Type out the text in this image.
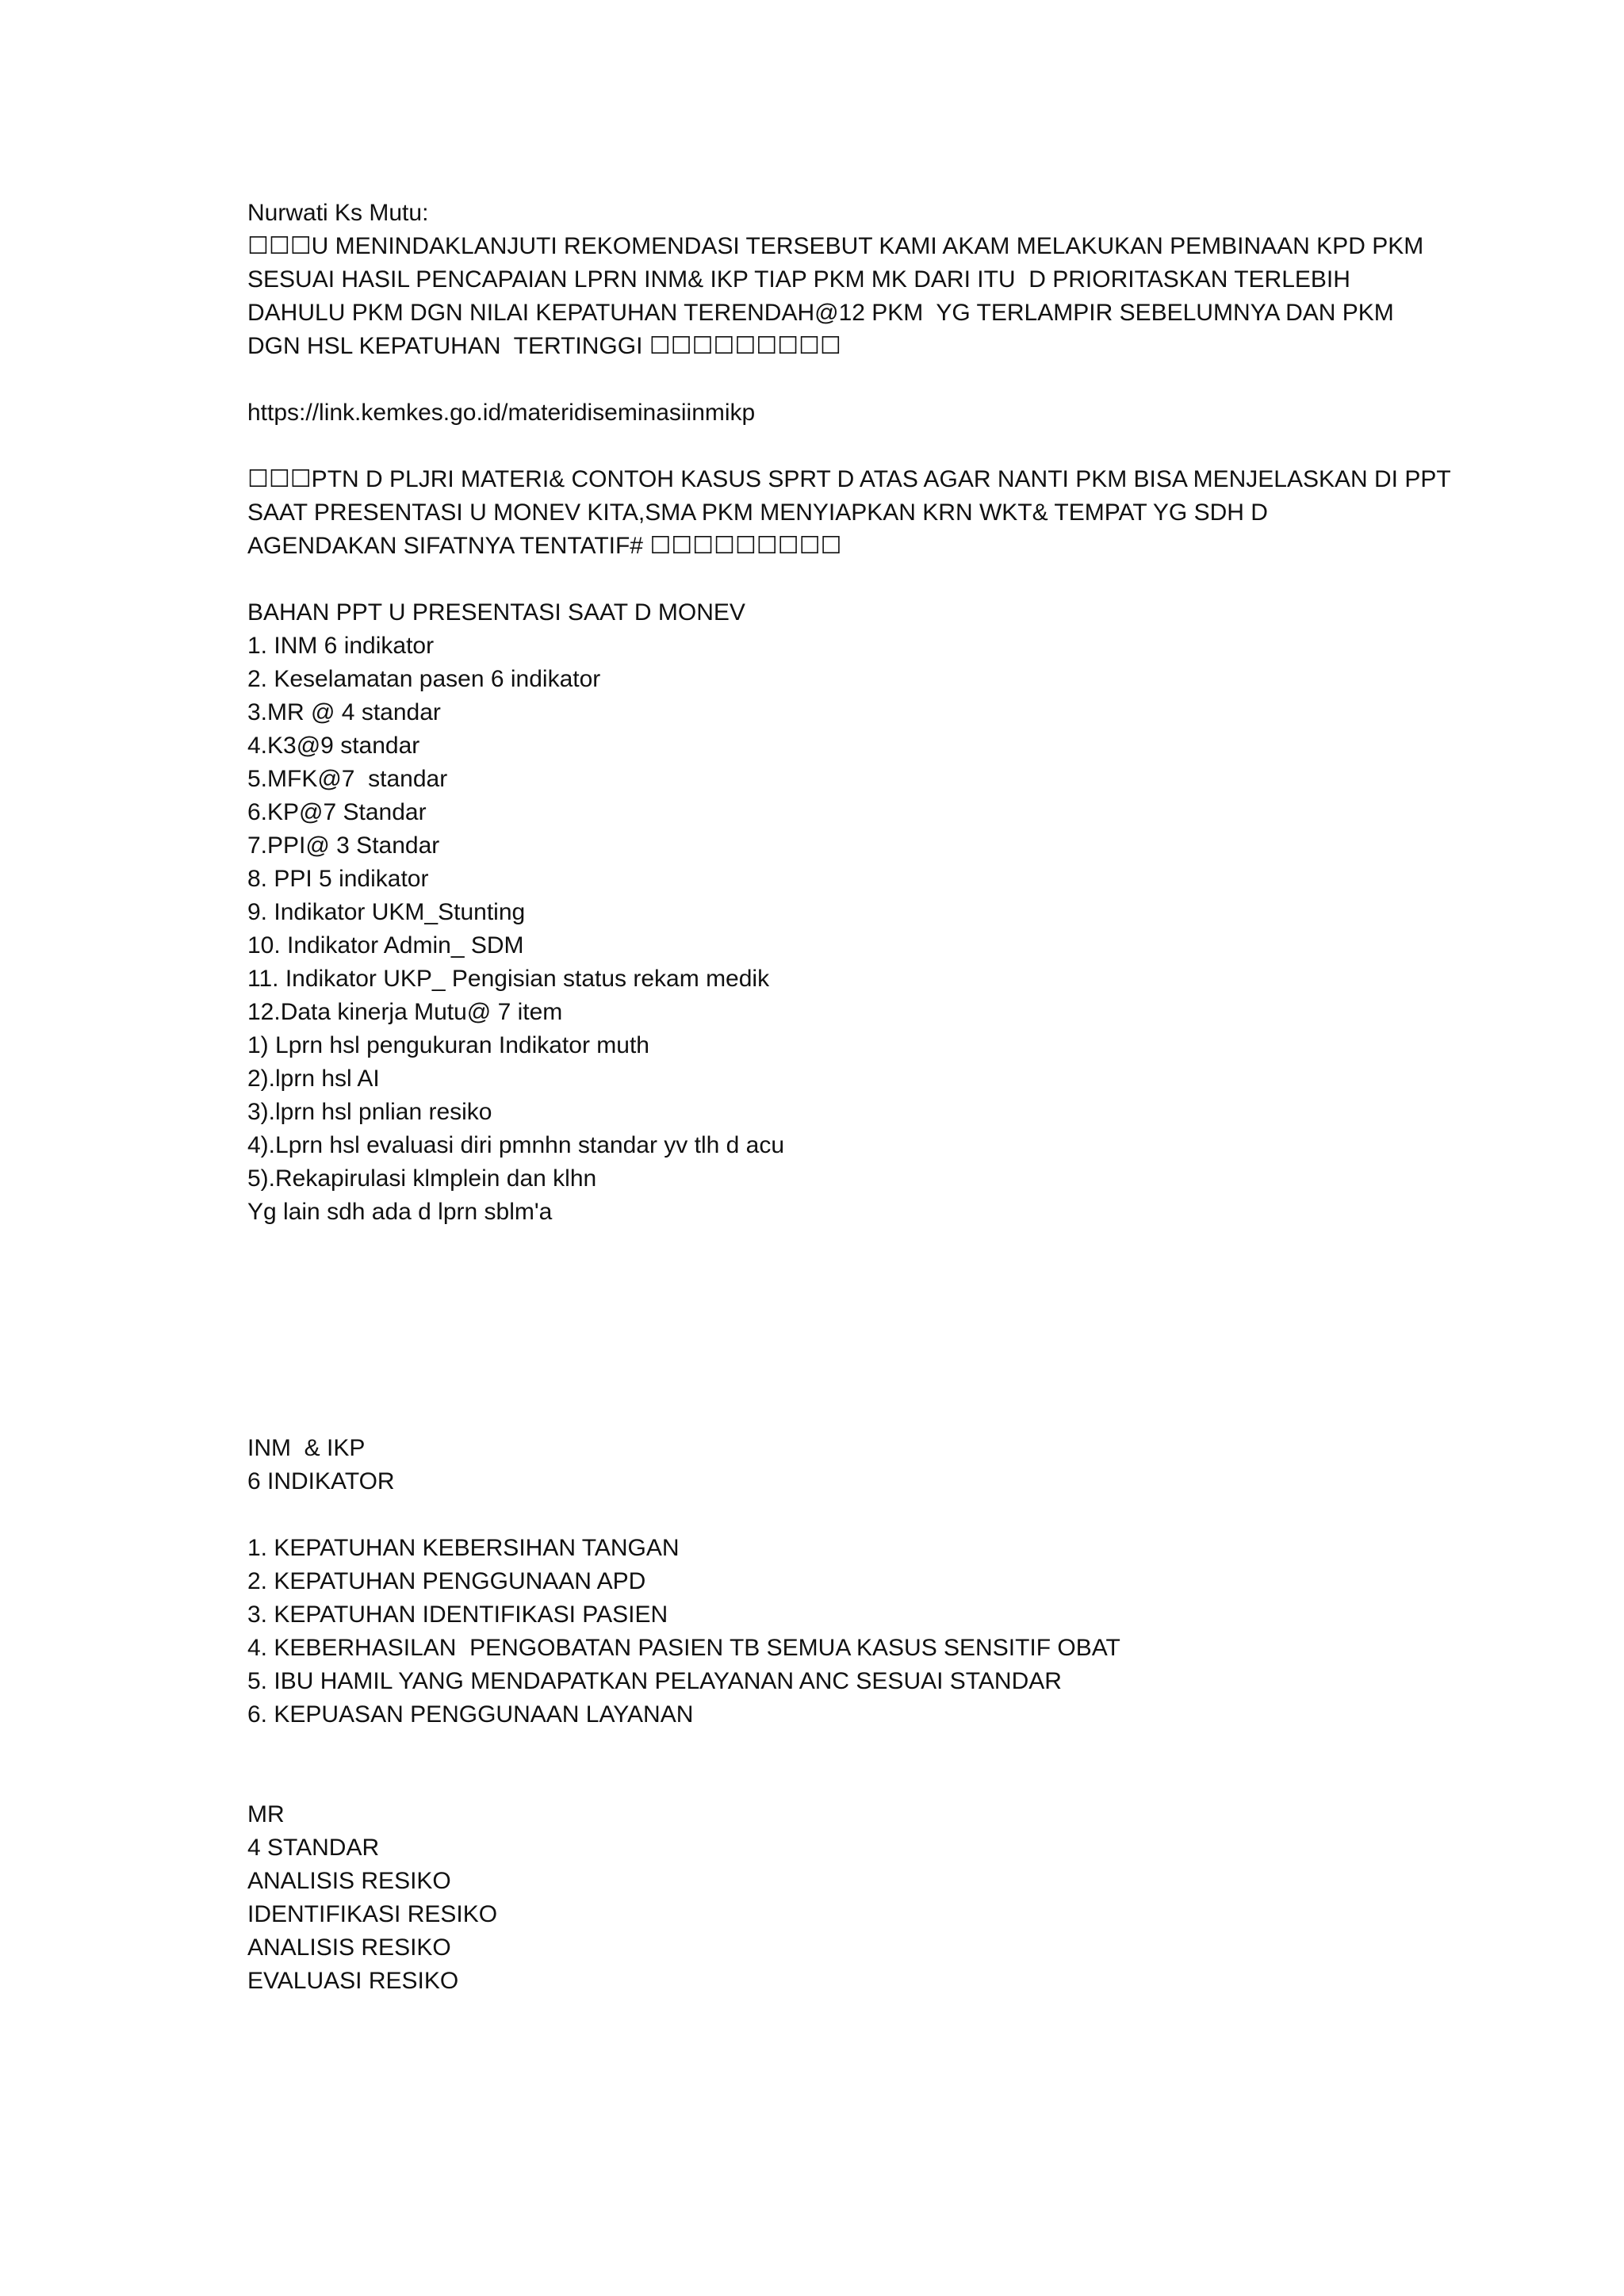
Nurwati Ks Mutu:
☐☐☐U MENINDAKLANJUTI REKOMENDASI TERSEBUT KAMI AKAM MELAKUKAN PEMBINAAN KPD PKM
SESUAI HASIL PENCAPAIAN LPRN INM& IKP TIAP PKM MK DARI ITU  D PRIORITASKAN TERLEBIH
DAHULU PKM DGN NILAI KEPATUHAN TERENDAH@12 PKM  YG TERLAMPIR SEBELUMNYA DAN PKM
DGN HSL KEPATUHAN  TERTINGGI ☐☐☐☐☐☐☐☐☐
https://link.kemkes.go.id/materidiseminasiinmikp
☐☐☐PTN D PLJRI MATERI& CONTOH KASUS SPRT D ATAS AGAR NANTI PKM BISA MENJELASKAN DI PPT
SAAT PRESENTASI U MONEV KITA,SMA PKM MENYIAPKAN KRN WKT& TEMPAT YG SDH D
AGENDAKAN SIFATNYA TENTATIF# ☐☐☐☐☐☐☐☐☐
BAHAN PPT U PRESENTASI SAAT D MONEV
1. INM 6 indikator
2. Keselamatan pasen 6 indikator
3.MR @ 4 standar
4.K3@9 standar
5.MFK@7  standar
6.KP@7 Standar
7.PPI@ 3 Standar
8. PPI 5 indikator
9. Indikator UKM_Stunting
10. Indikator Admin_ SDM
11. Indikator UKP_ Pengisian status rekam medik
12.Data kinerja Mutu@ 7 item
1) Lprn hsl pengukuran Indikator muth
2).lprn hsl AI
3).lprn hsl pnlian resiko
4).Lprn hsl evaluasi diri pmnhn standar yv tlh d acu
5).Rekapirulasi klmplein dan klhn
Yg lain sdh ada d lprn sblm'a
INM  & IKP
6 INDIKATOR
1. KEPATUHAN KEBERSIHAN TANGAN
2. KEPATUHAN PENGGUNAAN APD
3. KEPATUHAN IDENTIFIKASI PASIEN
4. KEBERHASILAN  PENGOBATAN PASIEN TB SEMUA KASUS SENSITIF OBAT
5. IBU HAMIL YANG MENDAPATKAN PELAYANAN ANC SESUAI STANDAR
6. KEPUASAN PENGGUNAAN LAYANAN
MR
4 STANDAR
ANALISIS RESIKO
IDENTIFIKASI RESIKO
ANALISIS RESIKO
EVALUASI RESIKO
